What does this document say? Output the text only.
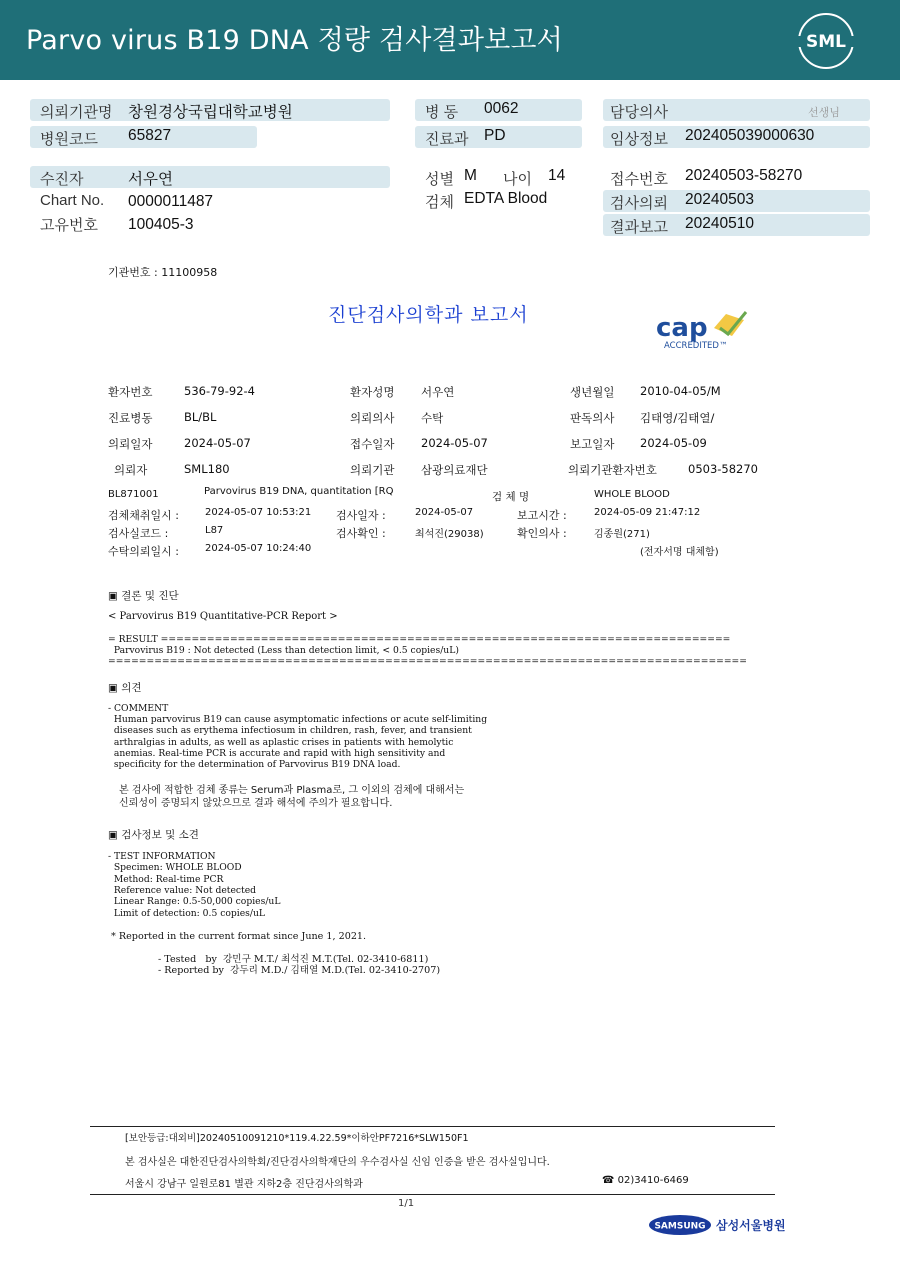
Parvo virus B19 DNA 정량 검사결과보고서	SML
의뢰기관명 창원경상국립대학교병원
병원코드 65827
병 동 0062
진료과 PD
담당의사	선생님
임상정보 202405039000630
수진자	서우연
Chart No. 0000011487
고유번호 100405-3
성별 M 나이 14
검체 EDTA Blood
접수번호 20240503-58270
검사의뢰 20240503
결과보고 20240510
기관번호 : 11100958
진단검사의학과 보고서	cap
ACCREDITED™
환자번호	536-79-92-4	환자성명 서우연	생년월일 2010-04-05/M
진료병동	BL/BL	의뢰의사 수탁	판독의사 김태영/김태열/
의뢰일자	2024-05-07	접수일자 2024-05-07	보고일자 2024-05-09
의뢰자	SML180	의뢰기관 삼광의료재단	의뢰기관환자번호	0503-58270
BL871001	Parvovirus B19 DNA, quantitation [RQ	검 체 명	WHOLE BLOOD
검체채취일시 :	2024-05-07 10:53:21 검사일자 :	2024-05-07	보고시간 :	2024-05-09 21:47:12
검사실코드 :	L87	검사확인 :	최석진(29038)	확인의사 :	김종원(271)
수탁의뢰일시 :	2024-05-07 10:24:40	(전자서명 대체함)
▣ 결론 및 진단
< Parvovirus B19 Quantitative-PCR Report >
= RESULT ==========================================================================
Parvovirus B19 : Not detected (Less than detection limit, < 0.5 copies/uL)
===================================================================================
▣ 의견
- COMMENT
Human parvovirus B19 can cause asymptomatic infections or acute self-limiting
diseases such as erythema infectiosum in children, rash, fever, and transient
arthralgias in adults, as well as aplastic crises in patients with hemolytic
anemias. Real-time PCR is accurate and rapid with high sensitivity and
specificity for the determination of Parvovirus B19 DNA load.
본 검사에 적합한 검체 종류는 Serum과 Plasma로, 그 이외의 검체에 대해서는
신뢰성이 증명되지 않았으므로 결과 해석에 주의가 필요합니다.
▣ 검사정보 및 소견
- TEST INFORMATION
Specimen: WHOLE BLOOD
Method: Real-time PCR
Reference value: Not detected
Linear Range: 0.5-50,000 copies/uL
Limit of detection: 0.5 copies/uL
* Reported in the current format since June 1, 2021.
- Tested   by  강민구 M.T./ 최석진 M.T.(Tel. 02-3410-6811)
- Reported by  강두리 M.D./ 김태열 M.D.(Tel. 02-3410-2707)
[보안등급:대외비]20240510091210*119.4.22.59*이하안PF7216*SLW150F1
본 검사실은 대한진단검사의학회/진단검사의학재단의 우수검사실 신임 인증을 받은 검사실입니다.
서울시 강남구 일원로81 별관 지하2층 진단검사의학과	☎ 02)3410-6469
1/1
SAMSUNG 삼성서울병원
